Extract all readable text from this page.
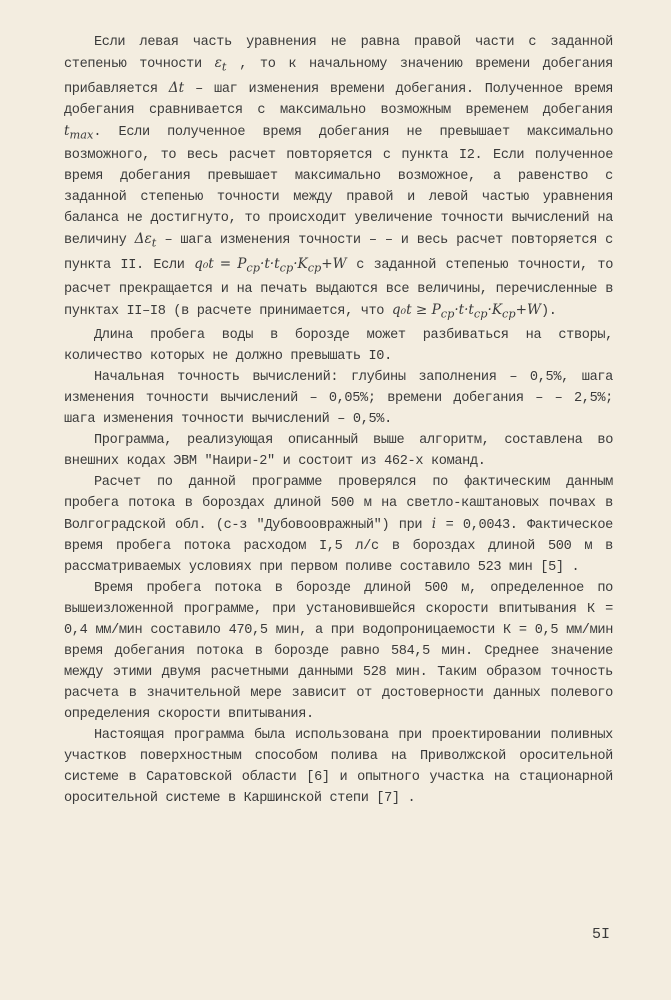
Если левая часть уравнения не равна правой части с заданной степенью точности $\varepsilon_t$ , то к начальному значению времени добегания прибавляется Δt – шаг изменения времени добегания. Полученное время добегания сравнивается с максимально возможным временем добегания $t_{max}$. Если полученное время добегания не превышает максимально возможного, то весь расчет повторяется с пункта I2. Если полученное время добегания превышает максимально возможное, а равенство с заданной степенью точности между правой и левой частью уравнения баланса не достигнуто, то происходит увеличение точности вычислений на величину $\Delta\varepsilon_t$ – шага изменения точности – – и весь расчет повторяется с пункта II. Если $q_0t = P_{cp}\cdot t\cdot t_{cp}\cdot K_{cp}+W$ с заданной степенью точности, то расчет прекращается и на печать выдаются все величины, перечисленные в пунктах II–I8 (в расчете принимается, что $q_0t \ge P_{cp}\cdot t\cdot t_{cp}\cdot K_{cp}+W$).

Длина пробега воды в борозде может разбиваться на створы, количество которых не должно превышать I0.

Начальная точность вычислений: глубины заполнения – 0,5%, шага изменения точности вычислений – 0,05%; времени добегания – – 2,5%; шага изменения точности вычислений – 0,5%.

Программа, реализующая описанный выше алгоритм, составлена во внешних кодах ЭВМ "Наири-2" и состоит из 462-х команд.

Расчет по данной программе проверялся по фактическим данным пробега потока в бороздах длиной 500 м на светло-каштановых почвах в Волгоградской обл. (с-з "Дубовоовражный") при i = 0,0043. Фактическое время пробега потока расходом I,5 л/с в бороздах длиной 500 м в рассматриваемых условиях при первом поливе составило 523 мин [5] .

Время пробега потока в борозде длиной 500 м, определенное по вышеизложенной программе, при установившейся скорости впитывания К = 0,4 мм/мин составило 470,5 мин, а при водопроницаемости К = 0,5 мм/мин время добегания потока в борозде равно 584,5 мин. Среднее значение между этими двумя расчетными данными 528 мин. Таким образом точность расчета в значительной мере зависит от достоверности данных полевого определения скорости впитывания.

Настоящая программа была использована при проектировании поливных участков поверхностным способом полива на Приволжской оросительной системе в Саратовской области [6] и опытного участка на стационарной оросительной системе в Каршинской степи [7] .

5I
